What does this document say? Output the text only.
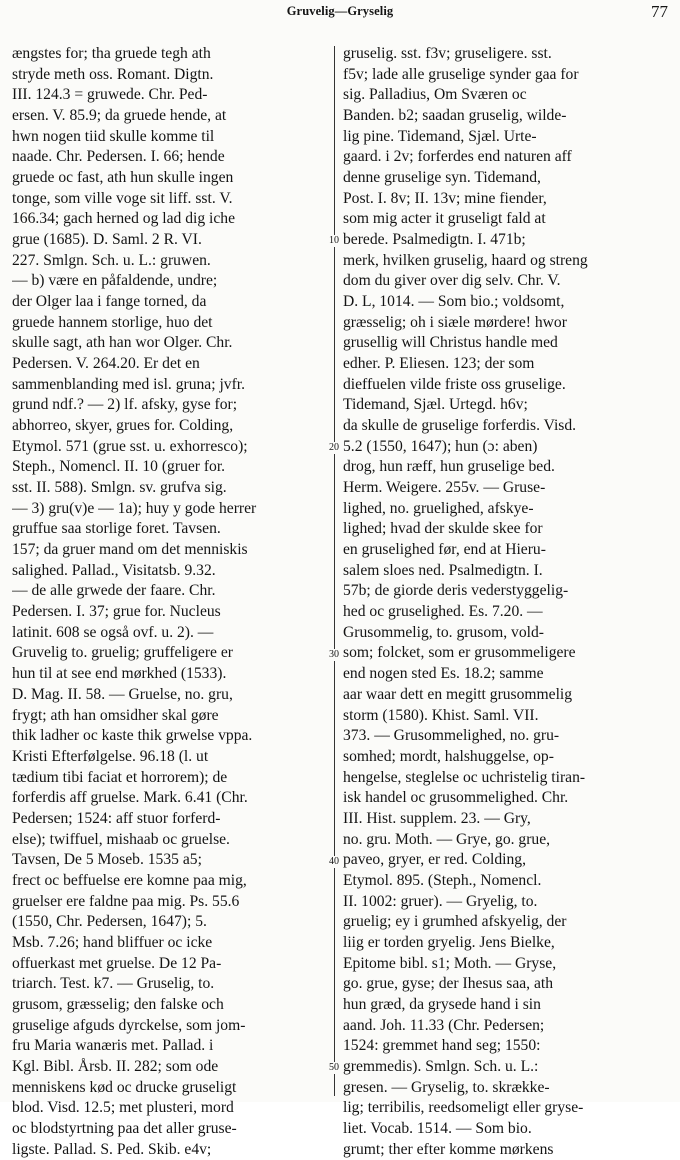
Gruvelig—Gryselig	77
ængstes for; tha gruede tegh ath
stryde meth oss. Romant. Digtn.
III. 124.3 = gruwede. Chr. Ped-
ersen. V. 85.9; da gruede hende, at
hwn nogen tiid skulle komme til
naade. Chr. Pedersen. I. 66; hende
gruede oc fast, ath hun skulle ingen
tonge, som ville voge sit liff. sst. V.
166.34; gach herned og lad dig iche
grue (1685). D. Saml. 2 R. VI.
227. Smlgn. Sch. u. L.: gruwen.
— b) være en påfaldende, undre;
der Olger laa i fange torned, da
gruede hannem storlige, huo det
skulle sagt, ath han wor Olger. Chr.
Pedersen. V. 264.20. Er det en
sammenblanding med isl. gruna; jvfr.
grund ndf.? — 2) lf. afsky, gyse for;
abhorreo, skyer, grues for. Colding,
Etymol. 571 (grue sst. u. exhorresco);
Steph., Nomencl. II. 10 (gruer for.
sst. II. 588). Smlgn. sv. grufva sig.
— 3) gru(v)e — 1a); huy y gode herrer
gruffue saa storlige foret. Tavsen.
157; da gruer mand om det menniskis
salighed. Pallad., Visitatsb. 9.32.
— de alle grwede der faare. Chr.
Pedersen. I. 37; grue for. Nucleus
latinit. 608 se også ovf. u. 2). —
Gruvelig to. gruelig; gruffeligere er
hun til at see end mørkhed (1533).
D. Mag. II. 58. — Gruelse, no. gru,
frygt; ath han omsidher skal gøre
thik ladher oc kaste thik grwelse vppa.
Kristi Efterfølgelse. 96.18 (l. ut
tædium tibi faciat et horrorem); de
forferdis aff gruelse. Mark. 6.41 (Chr.
Pedersen; 1524: aff stuor forferd-
else); twiffuel, mishaab oc gruelse.
Tavsen, De 5 Moseb. 1535 a5;
frect oc beffuelse ere komne paa mig,
gruelser ere faldne paa mig. Ps. 55.6
(1550, Chr. Pedersen, 1647); 5.
Msb. 7.26; hand bliffuer oc icke
offuerkast met gruelse. De 12 Pa-
triarch. Test. k7. — Gruselig, to.
grusom, græsselig; den falske och
gruselige afguds dyrckelse, som jom-
fru Maria wanæris met. Pallad. i
Kgl. Bibl. Årsb. II. 282; som ode
menniskens kød oc drucke gruseligt
blod. Visd. 12.5; met plusteri, mord
oc blodstyrtning paa det aller gruse-
ligste. Pallad. S. Ped. Skib. e4v;
gruselig. sst. f3v; gruseligere. sst.
f5v; lade alle gruselige synder gaa for
sig. Palladius, Om Sværen oc
Banden. b2; saadan gruselig, wilde-
lig pine. Tidemand, Sjæl. Urte-
gaard. i 2v; forferdes end naturen aff
denne gruselige syn. Tidemand,
Post. I. 8v; II. 13v; mine fiender,
som mig acter it gruseligt fald at
berede. Psalmedigtn. I. 471b;
merk, hvilken gruselig, haard og streng
dom du giver over dig selv. Chr. V.
D. L, 1014. — Som bio.; voldsomt,
græsselig; oh i siæle mørdere! hwor
grusellig will Christus handle med
edher. P. Eliesen. 123; der som
dieffuelen vilde friste oss gruselige.
Tidemand, Sjæl. Urtegd. h6v;
da skulle de gruselige forferdis. Visd.
5.2 (1550, 1647); hun (ɔ: aben)
drog, hun ræff, hun gruselige bed.
Herm. Weigere. 255v. — Gruse-
lighed, no. gruelighed, afskye-
lighed; hvad der skulde skee for
en gruselighed før, end at Hieru-
salem sloes ned. Psalmedigtn. I.
57b; de giorde deris vederstyggelig-
hed oc gruselighed. Es. 7.20. —
Grusommelig, to. grusom, vold-
som; folcket, som er grusommeligere
end nogen sted Es. 18.2; samme
aar waar dett en megitt grusommelig
storm (1580). Khist. Saml. VII.
373. — Grusommelighed, no. gru-
somhed; mordt, halshuggelse, op-
hengelse, steglelse oc uchristelig tiran-
isk handel oc grusommelighed. Chr.
III. Hist. supplem. 23. — Gry,
no. gru. Moth. — Grye, go. grue,
paveo, gryer, er red. Colding,
Etymol. 895. (Steph., Nomencl.
II. 1002: gruer). — Gryelig, to.
gruelig; ey i grumhed afskyelig, der
liig er torden gryelig. Jens Bielke,
Epitome bibl. s1; Moth. — Gryse,
go. grue, gyse; der Ihesus saa, ath
hun græd, da grysede hand i sin
aand. Joh. 11.33 (Chr. Pedersen;
1524: gremmet hand seg; 1550:
gremmedis). Smlgn. Sch. u. L.:
gresen. — Gryselig, to. skrække-
lig; terribilis, reedsomeligt eller gryse-
liet. Vocab. 1514. — Som bio.
grumt; ther efter komme mørkens
10
20
30
40
50
